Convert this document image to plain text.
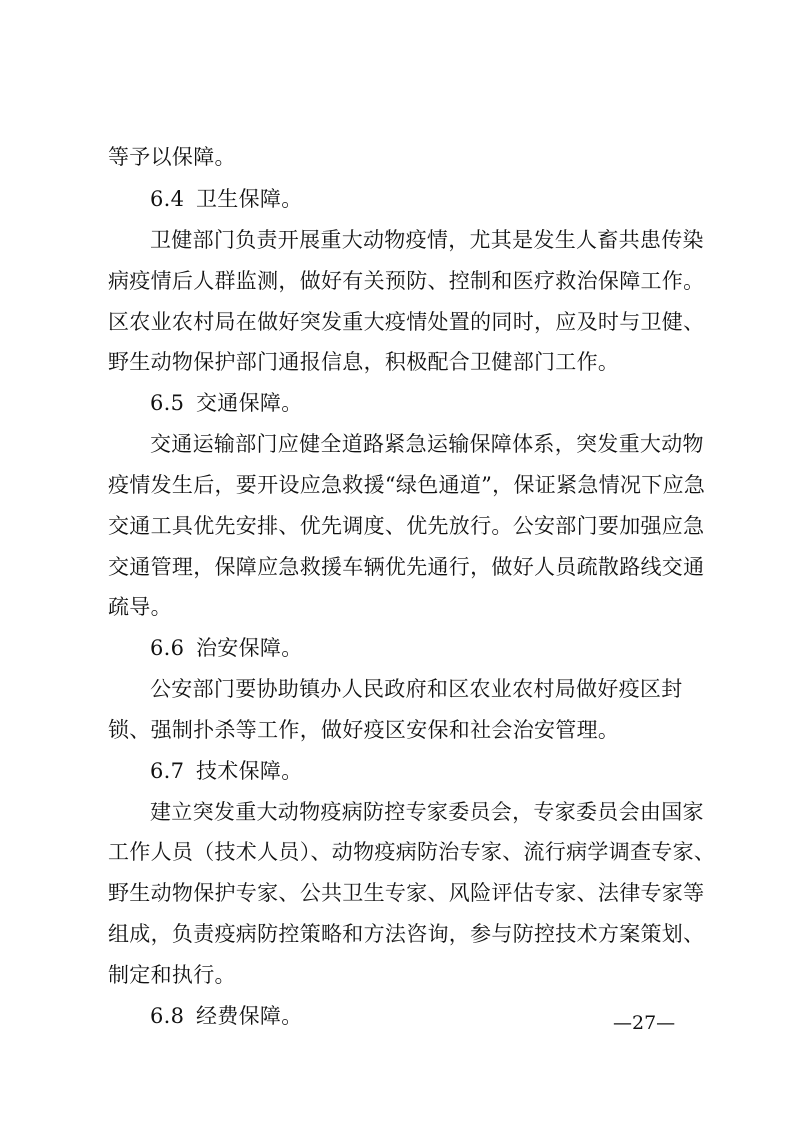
等予以保障。
6.4 卫生保障。
卫健部门负责开展重大动物疫情，尤其是发生人畜共患传染
病疫情后人群监测，做好有关预防、控制和医疗救治保障工作。
区农业农村局在做好突发重大疫情处置的同时，应及时与卫健、
野生动物保护部门通报信息，积极配合卫健部门工作。
6.5 交通保障。
交通运输部门应健全道路紧急运输保障体系，突发重大动物
疫情发生后，要开设应急救援“绿色通道”，保证紧急情况下应急
交通工具优先安排、优先调度、优先放行。公安部门要加强应急
交通管理，保障应急救援车辆优先通行，做好人员疏散路线交通
疏导。
6.6 治安保障。
公安部门要协助镇办人民政府和区农业农村局做好疫区封
锁、强制扑杀等工作，做好疫区安保和社会治安管理。
6.7 技术保障。
建立突发重大动物疫病防控专家委员会，专家委员会由国家
工作人员（技术人员）、动物疫病防治专家、流行病学调查专家、
野生动物保护专家、公共卫生专家、风险评估专家、法律专家等
组成，负责疫病防控策略和方法咨询，参与防控技术方案策划、
制定和执行。
6.8 经费保障。	—27—
